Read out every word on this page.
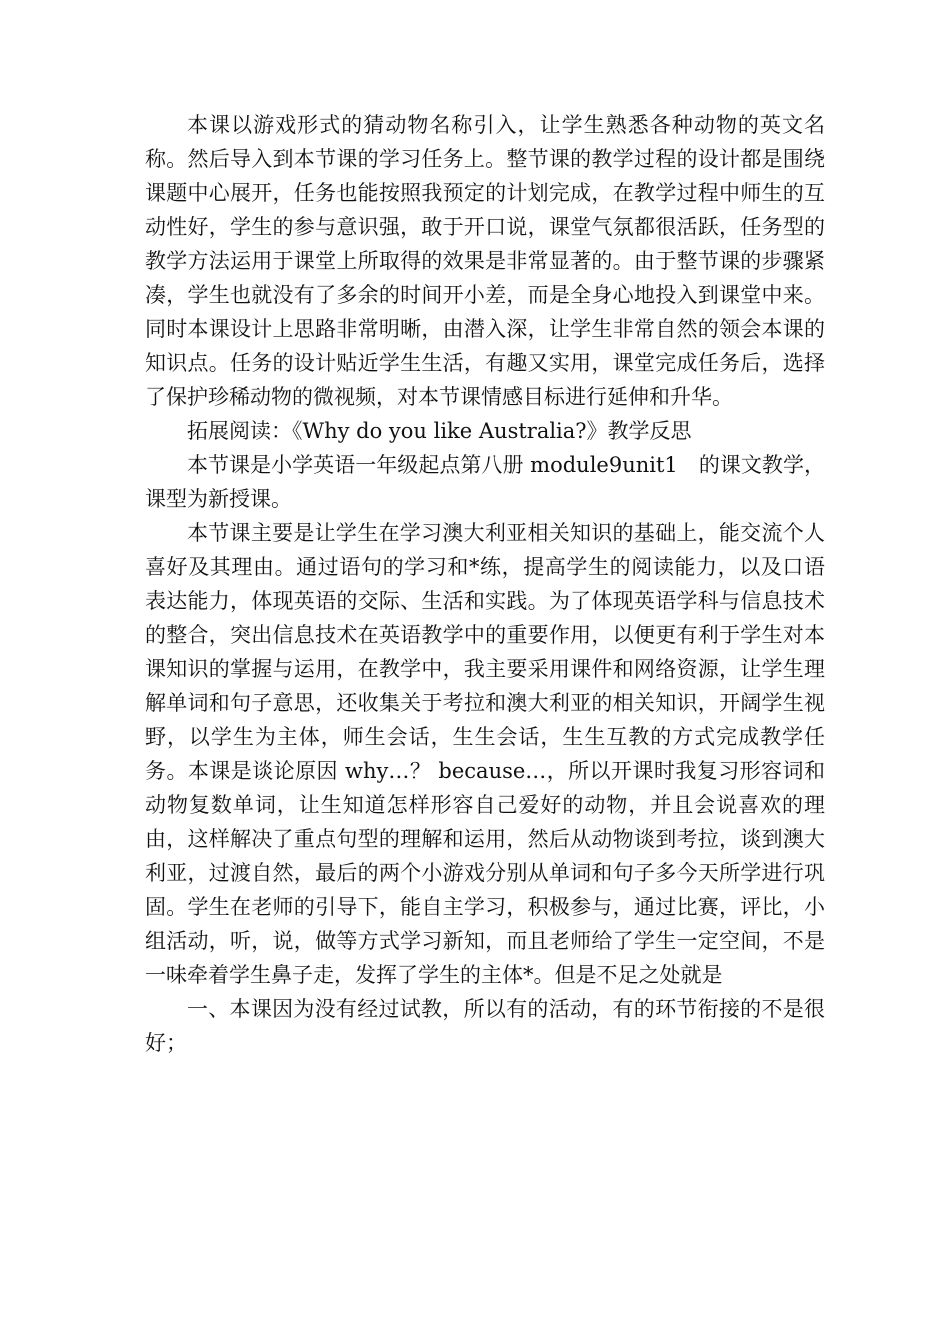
本课以游戏形式的猜动物名称引入，让学生熟悉各种动物的英文名称。然后导入到本节课的学习任务上。整节课的教学过程的设计都是围绕课题中心展开，任务也能按照我预定的计划完成，在教学过程中师生的互动性好，学生的参与意识强，敢于开口说，课堂气氛都很活跃，任务型的教学方法运用于课堂上所取得的效果是非常显著的。由于整节课的步骤紧凑，学生也就没有了多余的时间开小差，而是全身心地投入到课堂中来。同时本课设计上思路非常明晰，由潜入深，让学生非常自然的领会本课的知识点。任务的设计贴近学生生活，有趣又实用，课堂完成任务后，选择了保护珍稀动物的微视频，对本节课情感目标进行延伸和升华。

拓展阅读：《Why do you like Australia?》教学反思

本节课是小学英语一年级起点第八册 module9unit1　的课文教学，课型为新授课。

本节课主要是让学生在学习澳大利亚相关知识的基础上，能交流个人喜好及其理由。通过语句的学习和*练，提高学生的阅读能力，以及口语表达能力，体现英语的交际、生活和实践。为了体现英语学科与信息技术的整合，突出信息技术在英语教学中的重要作用，以便更有利于学生对本课知识的掌握与运用，在教学中，我主要采用课件和网络资源，让学生理解单词和句子意思，还收集关于考拉和澳大利亚的相关知识，开阔学生视野，以学生为主体，师生会话，生生会话，生生互教的方式完成教学任务。本课是谈论原因 why…？ because…，所以开课时我复习形容词和动物复数单词，让生知道怎样形容自己爱好的动物，并且会说喜欢的理由，这样解决了重点句型的理解和运用，然后从动物谈到考拉，谈到澳大利亚，过渡自然，最后的两个小游戏分别从单词和句子多今天所学进行巩固。学生在老师的引导下，能自主学习，积极参与，通过比赛，评比，小组活动，听，说，做等方式学习新知，而且老师给了学生一定空间，不是一味牵着学生鼻子走，发挥了学生的主体*。但是不足之处就是

一、本课因为没有经过试教，所以有的活动，有的环节衔接的不是很好；
